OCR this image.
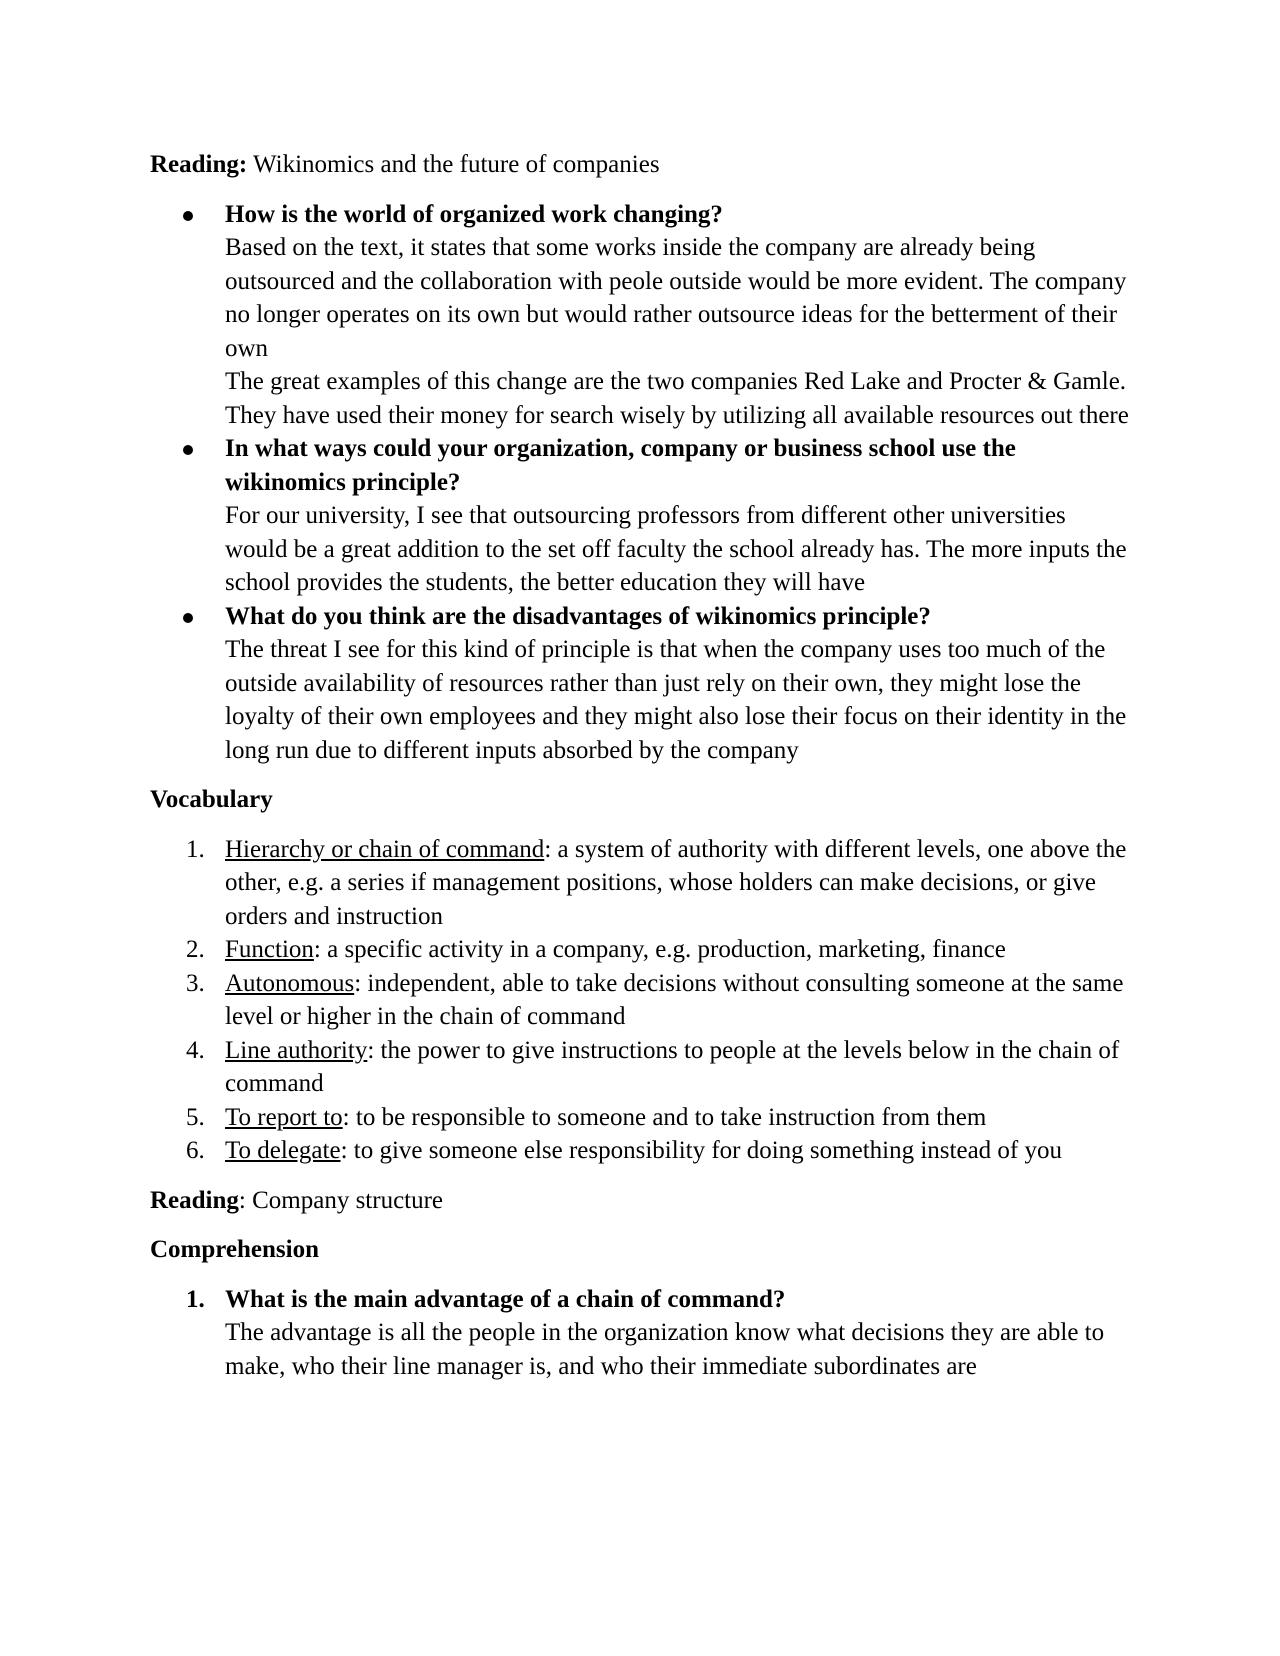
Reading: Wikinomics and the future of companies

How is the world of organized work changing?
Based on the text, it states that some works inside the company are already being outsourced and the collaboration with peole outside would be more evident. The company no longer operates on its own but would rather outsource ideas for the betterment of their own
The great examples of this change are the two companies Red Lake and Procter & Gamle. They have used their money for search wisely by utilizing all available resources out there
In what ways could your organization, company or business school use the wikinomics principle?
For our university, I see that outsourcing professors from different other universities would be a great addition to the set off faculty the school already has. The more inputs the school provides the students, the better education they will have
What do you think are the disadvantages of wikinomics principle?
The threat I see for this kind of principle is that when the company uses too much of the outside availability of resources rather than just rely on their own, they might lose the loyalty of their own employees and they might also lose their focus on their identity in the long run due to different inputs absorbed by the company

Vocabulary

1. Hierarchy or chain of command: a system of authority with different levels, one above the other, e.g. a series if management positions, whose holders can make decisions, or give orders and instruction
2. Function: a specific activity in a company, e.g. production, marketing, finance
3. Autonomous: independent, able to take decisions without consulting someone at the same level or higher in the chain of command
4. Line authority: the power to give instructions to people at the levels below in the chain of command
5. To report to: to be responsible to someone and to take instruction from them
6. To delegate: to give someone else responsibility for doing something instead of you

Reading: Company structure

Comprehension

1. What is the main advantage of a chain of command?
The advantage is all the people in the organization know what decisions they are able to make, who their line manager is, and who their immediate subordinates are
